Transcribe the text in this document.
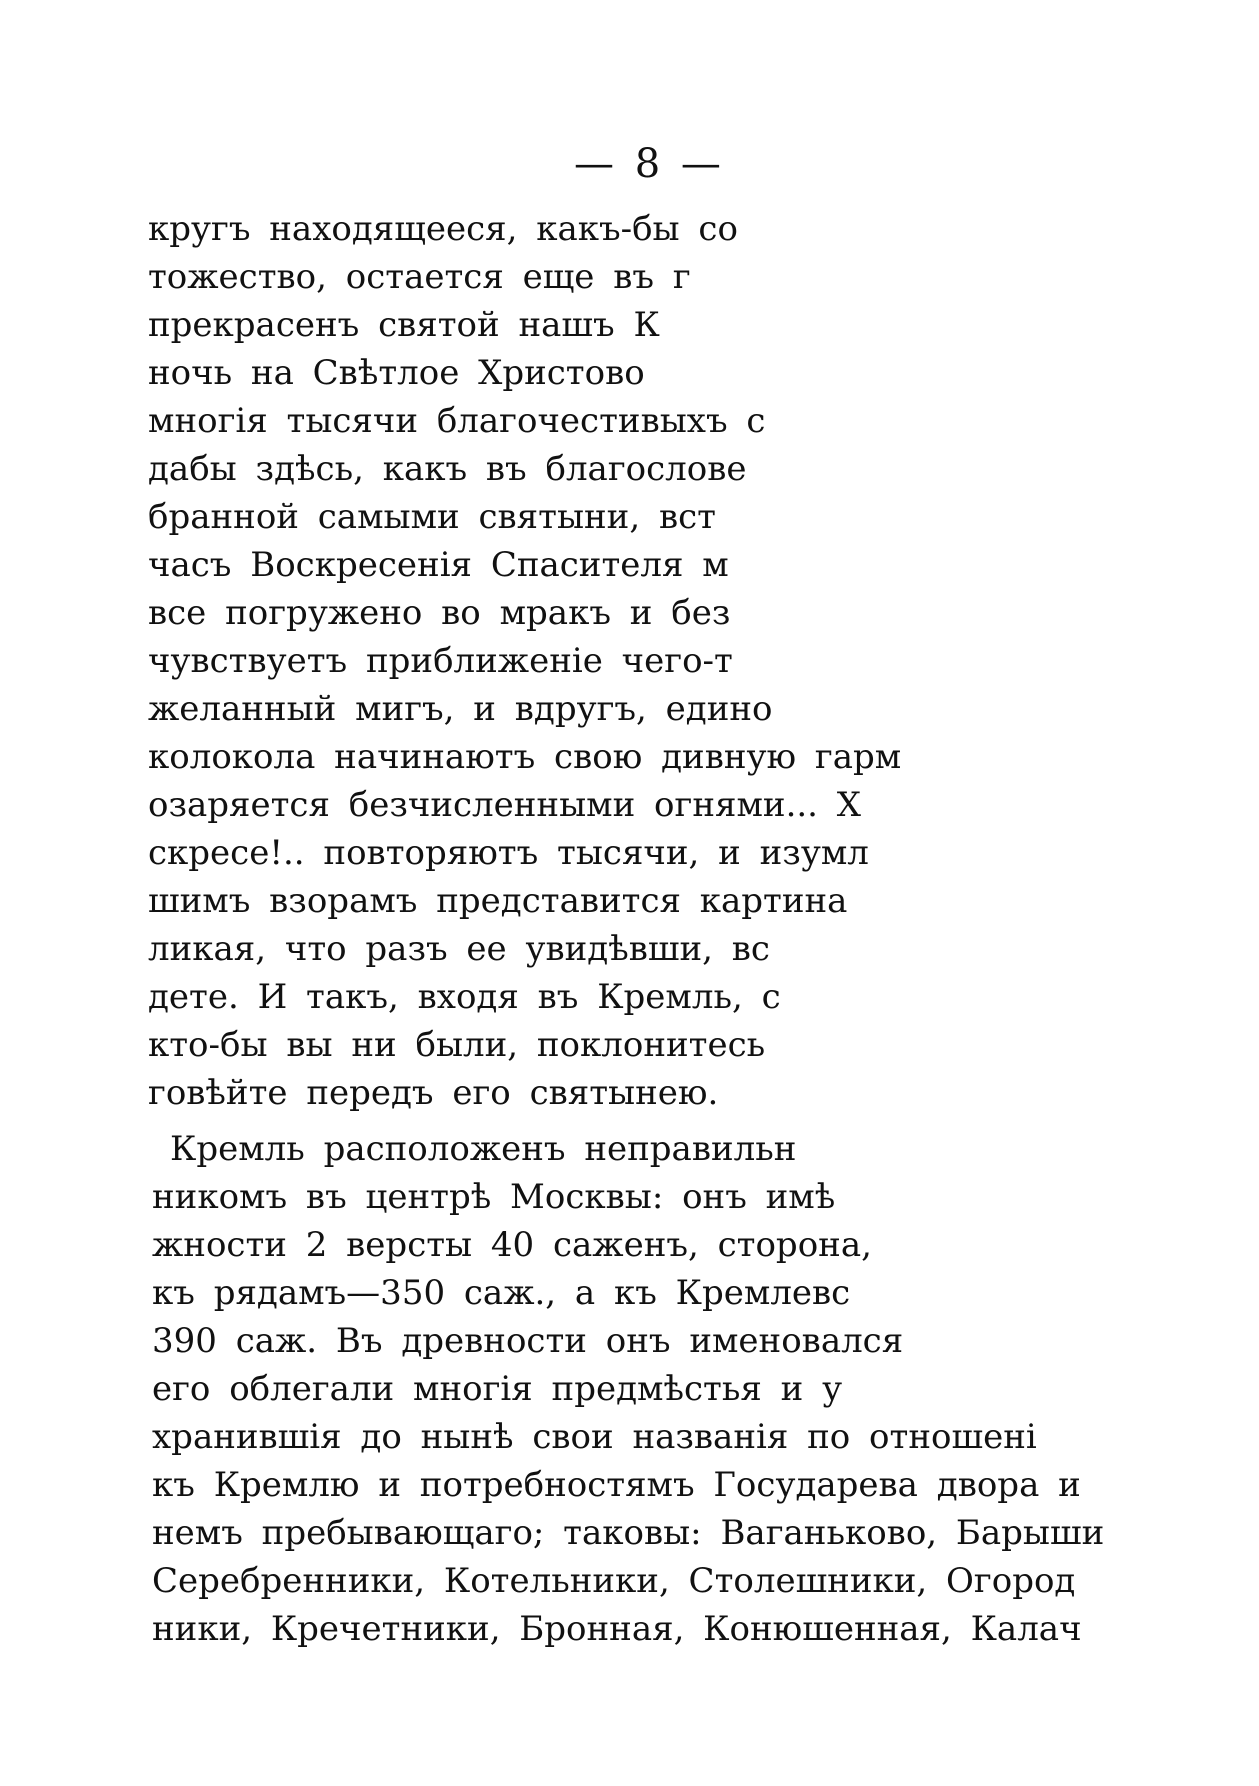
— 8 —
кругъ находящееся, какъ-бы со
тожество, остается еще въ г
прекрасенъ святой нашъ К
ночь на Свѣтлое Христово
многія тысячи благочестивыхъ с
дабы здѣсь, какъ въ благослове
бранной самыми святыни, вст
часъ Воскресенія Спасителя м
все погружено во мракъ и без
чувствуетъ приближеніе чего-т
желанный мигъ, и вдругъ, едино
колокола начинаютъ свою дивную гарм
озаряется безчисленными огнями... Х
скресе!.. повторяютъ тысячи, и изумл
шимъ взорамъ представится картина
ликая, что разъ ее увидѣвши, вс
дете. И такъ, входя въ Кремль, с
кто-бы вы ни были, поклонитесь
говѣйте передъ его святынею.
Кремль расположенъ неправильн
никомъ въ центрѣ Москвы: онъ имѣ
жности 2 версты 40 саженъ, сторона,
къ рядамъ—350 саж., а къ Кремлевс
390 саж. Въ древности онъ именовался
его облегали многія предмѣстья и у
хранившія до нынѣ свои названія по отношені
къ Кремлю и потребностямъ Государева двора и
немъ пребывающаго; таковы: Ваганьково, Барыши
Серебренники, Котельники, Столешники, Огород
ники, Кречетники, Бронная, Конюшенная, Калач
